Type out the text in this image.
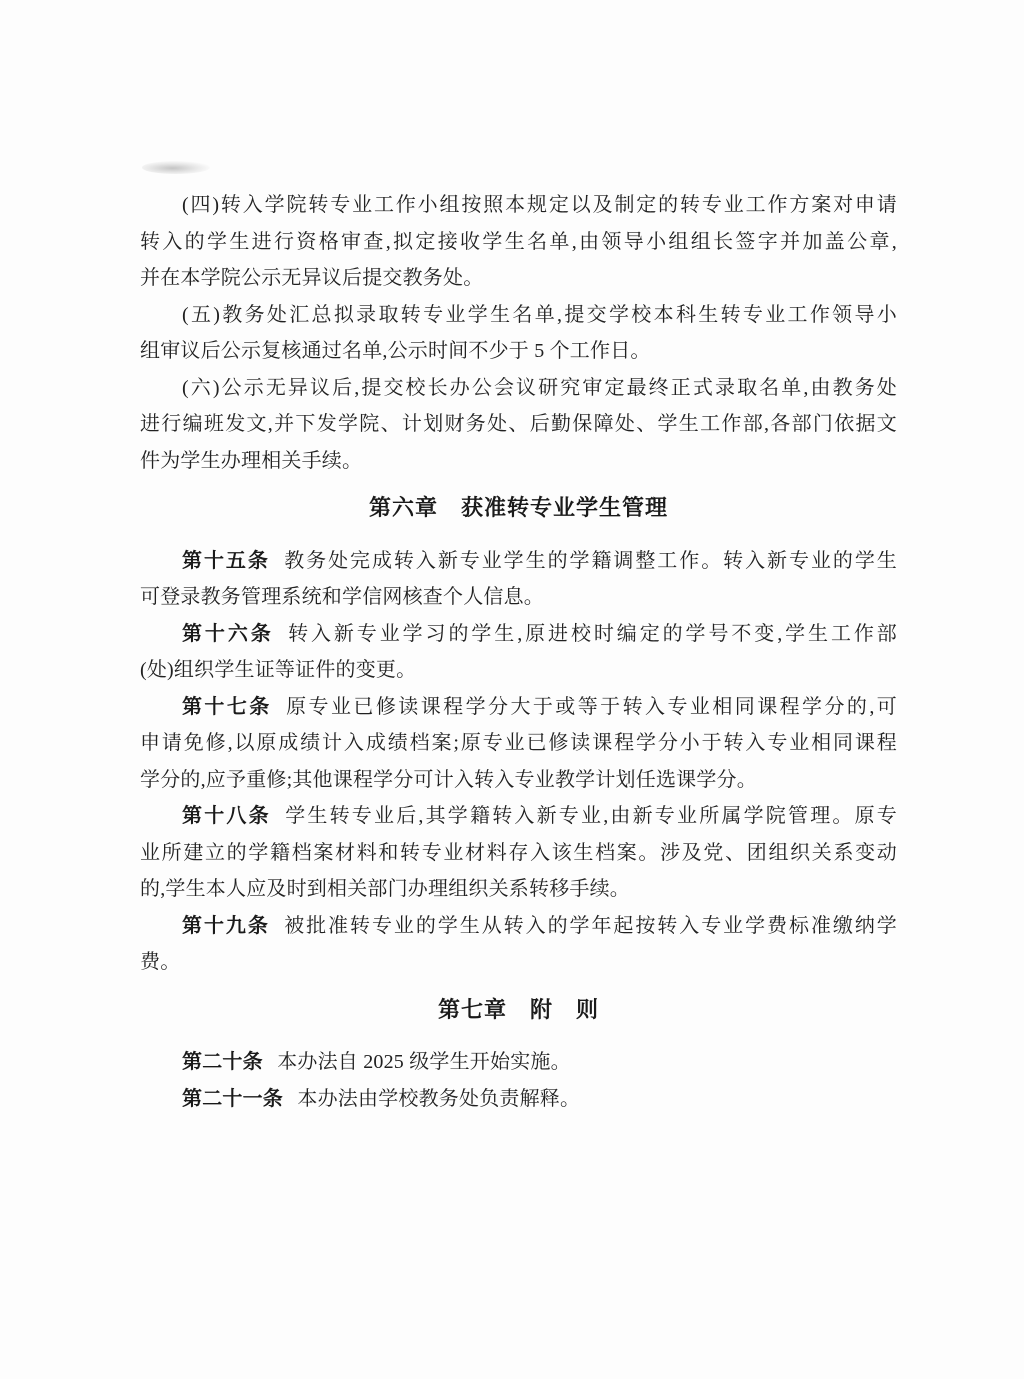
(四)转入学院转专业工作小组按照本规定以及制定的转专业工作方案对申请
转入的学生进行资格审查,拟定接收学生名单,由领导小组组长签字并加盖公章,
并在本学院公示无异议后提交教务处。
(五)教务处汇总拟录取转专业学生名单,提交学校本科生转专业工作领导小
组审议后公示复核通过名单,公示时间不少于 5 个工作日。
(六)公示无异议后,提交校长办公会议研究审定最终正式录取名单,由教务处
进行编班发文,并下发学院、计划财务处、后勤保障处、学生工作部,各部门依据文
件为学生办理相关手续。
第六章　获准转专业学生管理
第十五条 教务处完成转入新专业学生的学籍调整工作。转入新专业的学生
可登录教务管理系统和学信网核查个人信息。
第十六条 转入新专业学习的学生,原进校时编定的学号不变,学生工作部
(处)组织学生证等证件的变更。
第十七条 原专业已修读课程学分大于或等于转入专业相同课程学分的,可
申请免修,以原成绩计入成绩档案;原专业已修读课程学分小于转入专业相同课程
学分的,应予重修;其他课程学分可计入转入专业教学计划任选课学分。
第十八条 学生转专业后,其学籍转入新专业,由新专业所属学院管理。原专
业所建立的学籍档案材料和转专业材料存入该生档案。涉及党、团组织关系变动
的,学生本人应及时到相关部门办理组织关系转移手续。
第十九条 被批准转专业的学生从转入的学年起按转入专业学费标准缴纳学
费。
第七章　附　则
第二十条 本办法自 2025 级学生开始实施。
第二十一条 本办法由学校教务处负责解释。
